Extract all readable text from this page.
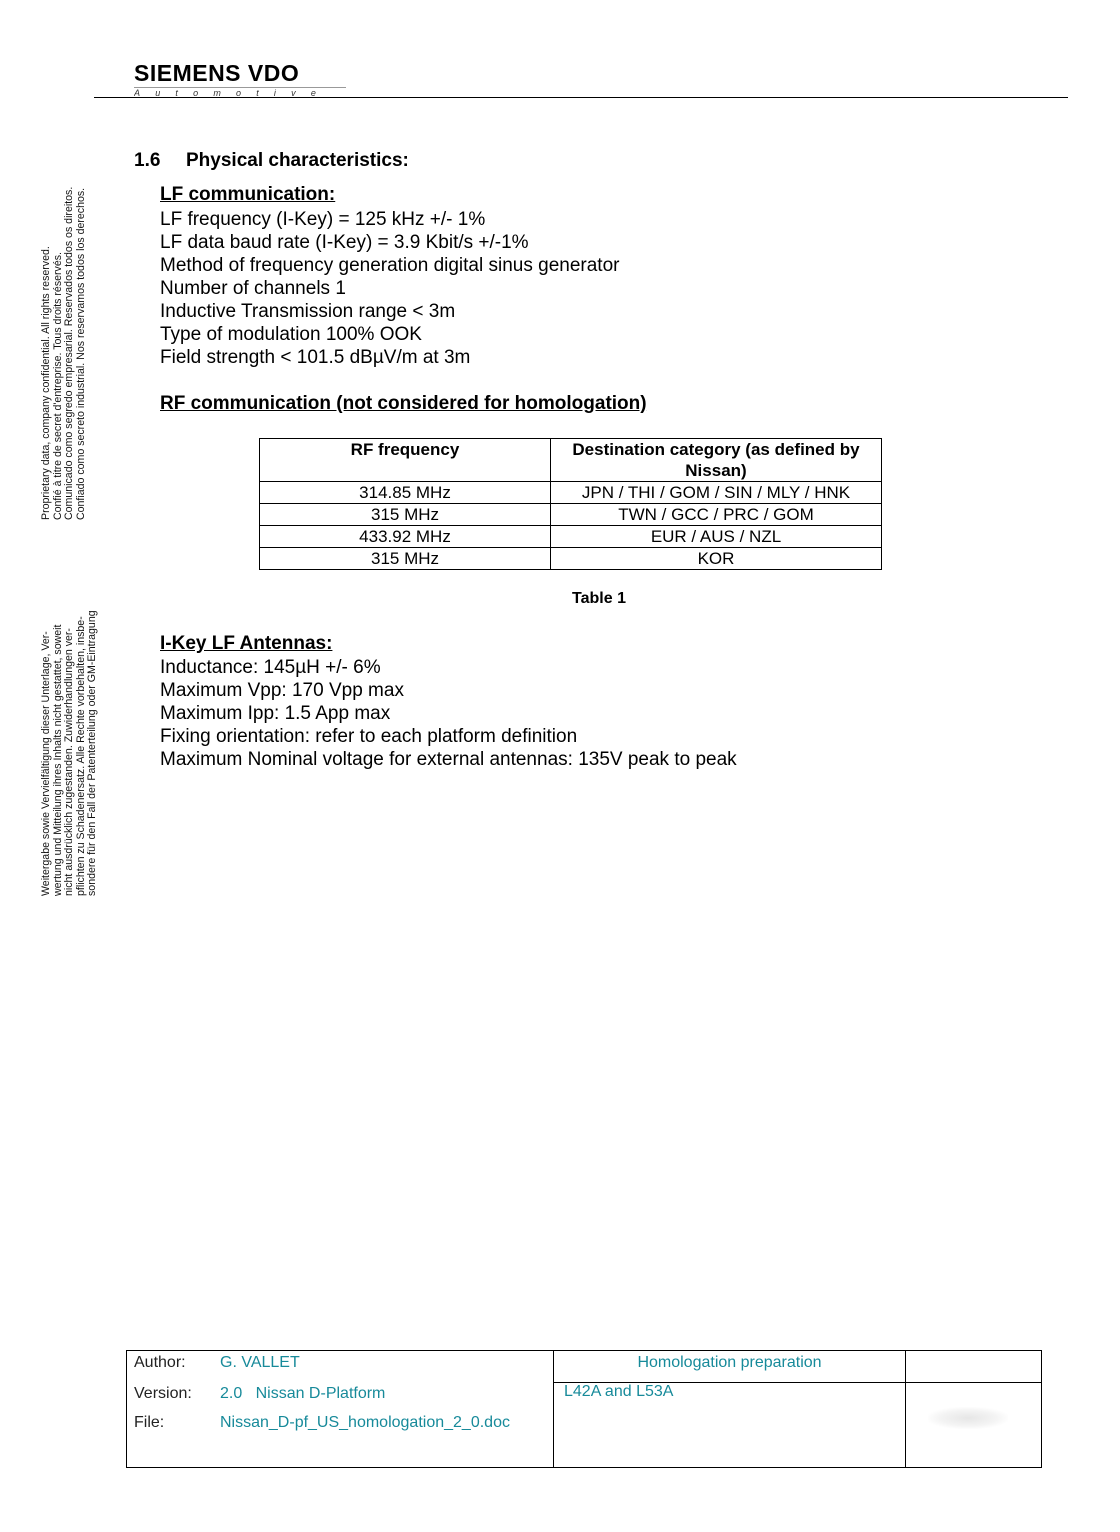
SIEMENS VDO
Automotive
Proprietary data, company confidential. All rights reserved. Confié à titre de secret d'entreprise. Tous droits réservés. Comunicado como segredo empresarial. Reservados todos os direitos. Confiado como secreto industrial. Nos reservamos todos los derechos.
Weitergabe sowie Vervielfältigung dieser Unterlage, Ver- wertung und Mitteilung ihres Inhalts nicht gestattet, soweit nicht ausdrücklich zugestanden. Zuwiderhandlungen ver- pflichten zu Schadenersatz. Alle Rechte vorbehalten, insbe- sondere für den Fall der Patenterteilung oder GM-Eintragung
1.6 Physical characteristics:
LF communication:
LF frequency (I-Key) = 125 kHz +/- 1%
LF data baud rate (I-Key) = 3.9 Kbit/s +/-1%
Method of frequency generation digital sinus generator
Number of channels 1
Inductive Transmission range < 3m
Type of modulation 100% OOK
Field strength < 101.5 dBµV/m at 3m
RF communication (not considered for homologation)
RF frequency	Destination category (as defined by Nissan)
314.85 MHz	JPN / THI / GOM / SIN / MLY / HNK
315 MHz	TWN / GCC / PRC / GOM
433.92 MHz	EUR / AUS / NZL
315 MHz	KOR
Table 1
I-Key LF Antennas:
Inductance: 145µH +/- 6%
Maximum Vpp: 170 Vpp max
Maximum Ipp: 1.5 App max
Fixing orientation: refer to each platform definition
Maximum Nominal voltage for external antennas: 135V peak to peak
Author:	G. VALLET
Version:	2.0   Nissan D-Platform
File:	Nissan_D-pf_US_homologation_2_0.doc

Homologation preparation
L42A and L53A
